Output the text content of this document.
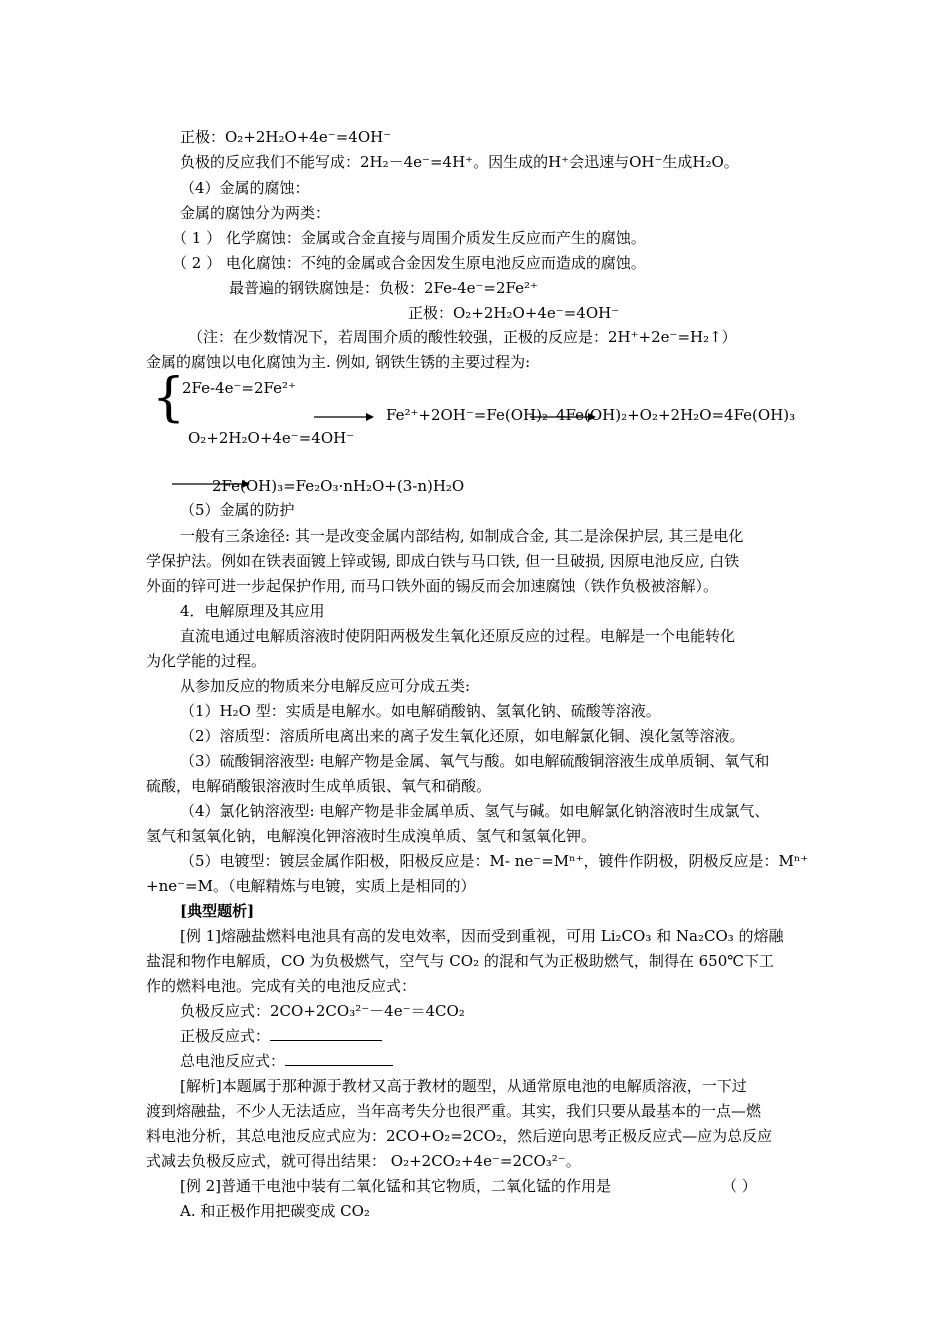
正极：O₂+2H₂O+4e⁻=4OH⁻
负极的反应我们不能写成：2H₂－4e⁻=4H⁺。因生成的H⁺会迅速与OH⁻生成H₂O。
（4）金属的腐蚀：
金属的腐蚀分为两类：
（ 1 ） 化学腐蚀：金属或合金直接与周围介质发生反应而产生的腐蚀。
（ 2 ） 电化腐蚀：不纯的金属或合金因发生原电池反应而造成的腐蚀。
最普遍的钢铁腐蚀是：负极：2Fe-4e⁻=2Fe²⁺
正极：O₂+2H₂O+4e⁻=4OH⁻
（注：在少数情况下，若周围介质的酸性较强，正极的反应是：2H⁺+2e⁻=H₂↑）
金属的腐蚀以电化腐蚀为主. 例如, 钢铁生锈的主要过程为:
{
2Fe-4e⁻=2Fe²⁺
O₂+2H₂O+4e⁻=4OH⁻
→ Fe²⁺+2OH⁻=Fe(OH)₂ 4Fe(OH)₂+O₂+2H₂O=4Fe(OH)₃
2Fe(OH)₃=Fe₂O₃·nH₂O+(3-n)H₂O
（5）金属的防护
一般有三条途径: 其一是改变金属内部结构, 如制成合金, 其二是涂保护层, 其三是电化
学保护法。例如在铁表面镀上锌或锡, 即成白铁与马口铁, 但一旦破损, 因原电池反应, 白铁
外面的锌可进一步起保护作用, 而马口铁外面的锡反而会加速腐蚀（铁作负极被溶解）。
4．电解原理及其应用
直流电通过电解质溶液时使阴阳两极发生氧化还原反应的过程。电解是一个电能转化
为化学能的过程。
从参加反应的物质来分电解反应可分成五类:
（1）H₂O 型：实质是电解水。如电解硝酸钠、氢氧化钠、硫酸等溶液。
（2）溶质型：溶质所电离出来的离子发生氧化还原，如电解氯化铜、溴化氢等溶液。
（3）硫酸铜溶液型: 电解产物是金属、氧气与酸。如电解硫酸铜溶液生成单质铜、氧气和
硫酸，电解硝酸银溶液时生成单质银、氧气和硝酸。
（4）氯化钠溶液型: 电解产物是非金属单质、氢气与碱。如电解氯化钠溶液时生成氯气、
氢气和氢氧化钠，电解溴化钾溶液时生成溴单质、氢气和氢氧化钾。
（5）电镀型：镀层金属作阳极，阳极反应是：M- ne⁻=Mⁿ⁺，镀件作阴极，阴极反应是：Mⁿ⁺
+ne⁻=M。（电解精炼与电镀，实质上是相同的）
[典型题析]
[例 1]熔融盐燃料电池具有高的发电效率，因而受到重视，可用 Li₂CO₃ 和 Na₂CO₃ 的熔融
盐混和物作电解质，CO 为负极燃气，空气与 CO₂ 的混和气为正极助燃气，制得在 650℃下工
作的燃料电池。完成有关的电池反应式：
负极反应式：2CO+2CO₃²⁻－4e⁻＝4CO₂
正极反应式：
总电池反应式：
[解析]本题属于那种源于教材又高于教材的题型，从通常原电池的电解质溶液，一下过
渡到熔融盐，不少人无法适应，当年高考失分也很严重。其实，我们只要从最基本的一点—燃
料电池分析，其总电池反应式应为：2CO+O₂=2CO₂，然后逆向思考正极反应式—应为总反应
式减去负极反应式，就可得出结果： O₂+2CO₂+4e⁻=2CO₃²⁻。
[例 2]普通干电池中装有二氧化锰和其它物质，二氧化锰的作用是	（ ）
A. 和正极作用把碳变成 CO₂
